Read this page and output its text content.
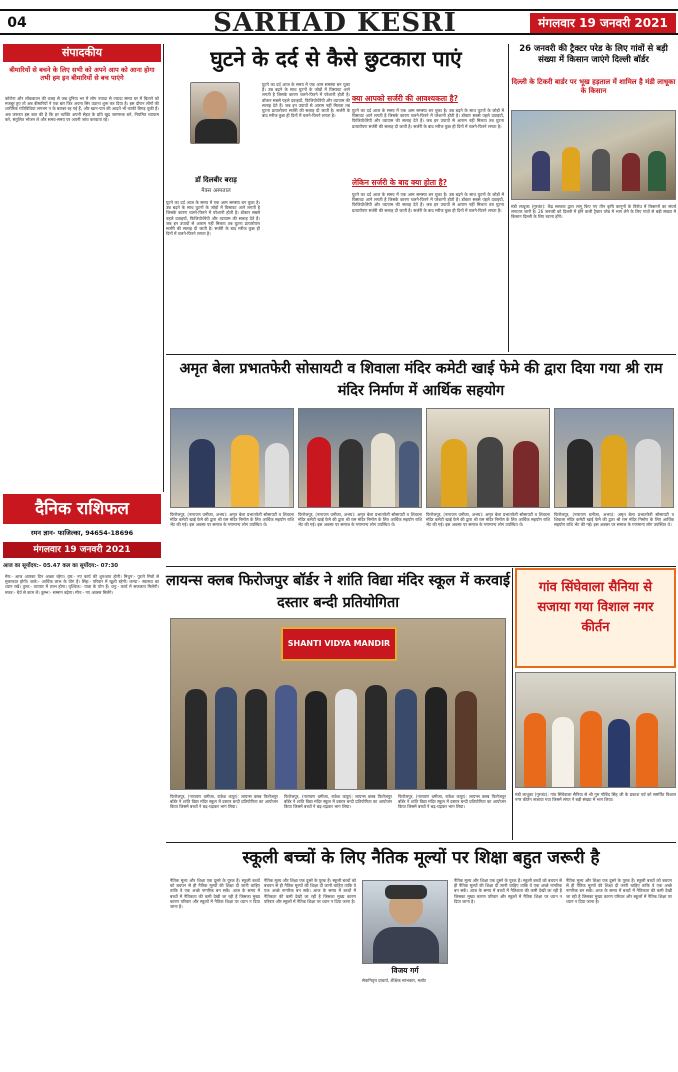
04	SARHAD KESRI	मंगलवार 19 जनवरी 2021
संपादकीय
बीमारियों से बचने के लिए सभी को अपने आप को आना होगा तभी हम इन बीमारियों से बच पाएंगे
कोरोना और लॉकडाउन की वजह से जब दुनिया भर में लोग ज्यादा से ज्यादा समय घर में बिताने को मजबूर हुए तो अब बीमारियों ने एक बार फिर अपना सिर उठाना शुरू कर दिया है। इस दौरान लोगों की शारीरिक गतिविधियां लगभग न के बराबर रह गई हैं, और खान-पान की आदतें भी काफी बिगड़ चुकी हैं। अब जरूरत इस बात की है कि हर व्यक्ति अपनी सेहत के प्रति खुद जागरूक बने, नियमित व्यायाम करे, संतुलित भोजन ले और समय-समय पर अपनी जांच करवाता रहे।
दैनिक राशिफल
रमन ज्ञान- फाजिल्का, 94654-18696
मंगलवार 19 जनवरी 2021
आज का सूर्योदय:- 05.47 कल का सूर्योदय:- 07:30
मेष:- आज आपका दिन अच्छा रहेगा। वृष:- नए कार्य की शुरुआत होगी। मिथुन:- पुराने मित्रों से मुलाकात होगी। कर्क:- आर्थिक लाभ के योग हैं। सिंह:- परिवार में खुशी रहेगी। कन्या:- स्वास्थ्य का ध्यान रखें। तुला:- व्यापार में लाभ होगा। वृश्चिक:- यात्रा के योग हैं। धनु:- कार्य में सफलता मिलेगी। मकर:- धैर्य से काम लें। कुम्भ:- सम्मान बढ़ेगा। मीन:- नए अवसर मिलेंगे।
घुटने के दर्द से कैसे छुटकारा पाएं
डॉ दिलबीर बराड़
मैक्स अस्पताल
क्या आपको सर्जरी की आवश्यकता है?
लेकिन सर्जरी के बाद क्या होता है?
घुटने का दर्द आज के समय में एक आम समस्या बन चुका है। उम्र बढ़ने के साथ घुटनों के जोड़ों में घिसावट आने लगती है जिसके कारण चलने-फिरने में परेशानी होती है। डॉक्टर सबसे पहले दवाइयों, फिजियोथेरेपी और व्यायाम की सलाह देते हैं। जब इन उपायों से आराम नहीं मिलता तब घुटना प्रत्यारोपण सर्जरी की सलाह दी जाती है। सर्जरी के बाद मरीज कुछ ही दिनों में चलने-फिरने लगता है।
घुटने का दर्द आज के समय में एक आम समस्या बन चुका है। उम्र बढ़ने के साथ घुटनों के जोड़ों में घिसावट आने लगती है जिसके कारण चलने-फिरने में परेशानी होती है। डॉक्टर सबसे पहले दवाइयों, फिजियोथेरेपी और व्यायाम की सलाह देते हैं। जब इन उपायों से आराम नहीं मिलता तब घुटना प्रत्यारोपण सर्जरी की सलाह दी जाती है। सर्जरी के बाद मरीज कुछ ही दिनों में चलने-फिरने लगता है।
घुटने का दर्द आज के समय में एक आम समस्या बन चुका है। उम्र बढ़ने के साथ घुटनों के जोड़ों में घिसावट आने लगती है जिसके कारण चलने-फिरने में परेशानी होती है। डॉक्टर सबसे पहले दवाइयों, फिजियोथेरेपी और व्यायाम की सलाह देते हैं। जब इन उपायों से आराम नहीं मिलता तब घुटना प्रत्यारोपण सर्जरी की सलाह दी जाती है। सर्जरी के बाद मरीज कुछ ही दिनों में चलने-फिरने लगता है।
घुटने का दर्द आज के समय में एक आम समस्या बन चुका है। उम्र बढ़ने के साथ घुटनों के जोड़ों में घिसावट आने लगती है जिसके कारण चलने-फिरने में परेशानी होती है। डॉक्टर सबसे पहले दवाइयों, फिजियोथेरेपी और व्यायाम की सलाह देते हैं। जब इन उपायों से आराम नहीं मिलता तब घुटना प्रत्यारोपण सर्जरी की सलाह दी जाती है। सर्जरी के बाद मरीज कुछ ही दिनों में चलने-फिरने लगता है।
26 जनवरी की ट्रैक्टर परेड के लिए गांवों से बड़ी संख्या में किसान जाएंगे दिल्ली बॉर्डर
दिल्ली के टिकरी बार्डर पर भूख हड़ताल में शामिल है मंडी लाधूका के किसान
मंडी लाधूका (गुरजंट): केंद्र सरकार द्वारा लागू किए गए तीन कृषि कानूनों के विरोध में किसानों का संघर्ष लगातार जारी है। 26 जनवरी को दिल्ली में होने वाली ट्रैक्टर परेड में भाग लेने के लिए गांवों से बड़ी संख्या में किसान दिल्ली के लिए रवाना होंगे।
अमृत बेला प्रभातफेरी सोसायटी व शिवाला मंदिर कमेटी खाई फेमे की द्वारा दिया गया श्री राम मंदिर निर्माण में आर्थिक सहयोग
फिरोजपुर, (नारायण धमीजा, अभय): अमृत बेला प्रभातफेरी सोसायटी व शिवाला मंदिर कमेटी खाई फेमे की द्वारा श्री राम मंदिर निर्माण के लिए आर्थिक सहयोग राशि भेंट की गई। इस अवसर पर समाज के गणमान्य लोग उपस्थित थे।
फिरोजपुर, (नारायण धमीजा, अभय): अमृत बेला प्रभातफेरी सोसायटी व शिवाला मंदिर कमेटी खाई फेमे की द्वारा श्री राम मंदिर निर्माण के लिए आर्थिक सहयोग राशि भेंट की गई। इस अवसर पर समाज के गणमान्य लोग उपस्थित थे।
फिरोजपुर, (नारायण धमीजा, अभय): अमृत बेला प्रभातफेरी सोसायटी व शिवाला मंदिर कमेटी खाई फेमे की द्वारा श्री राम मंदिर निर्माण के लिए आर्थिक सहयोग राशि भेंट की गई। इस अवसर पर समाज के गणमान्य लोग उपस्थित थे।
फिरोजपुर, (नारायण धमीजा, अभय): अमृत बेला प्रभातफेरी सोसायटी व शिवाला मंदिर कमेटी खाई फेमे की द्वारा श्री राम मंदिर निर्माण के लिए आर्थिक सहयोग राशि भेंट की गई। इस अवसर पर समाज के गणमान्य लोग उपस्थित थे।
लायन्स क्लब फिरोजपुर बॉर्डर ने शांति विद्या मंदिर स्कूल में करवाई दस्तार बन्दी प्रतियोगिता
SHANTI VIDYA MANDIR
फिरोजपुर, (नारायण धमीजा, राकेश कपूर): लायन्स क्लब फिरोजपुर बॉर्डर ने शांति विद्या मंदिर स्कूल में दस्तार बन्दी प्रतियोगिता का आयोजन किया जिसमें बच्चों ने बढ़-चढ़कर भाग लिया।
फिरोजपुर, (नारायण धमीजा, राकेश कपूर): लायन्स क्लब फिरोजपुर बॉर्डर ने शांति विद्या मंदिर स्कूल में दस्तार बन्दी प्रतियोगिता का आयोजन किया जिसमें बच्चों ने बढ़-चढ़कर भाग लिया।
फिरोजपुर, (नारायण धमीजा, राकेश कपूर): लायन्स क्लब फिरोजपुर बॉर्डर ने शांति विद्या मंदिर स्कूल में दस्तार बन्दी प्रतियोगिता का आयोजन किया जिसमें बच्चों ने बढ़-चढ़कर भाग लिया।
गांव सिंघेवाला सैनिया से सजाया गया विशाल नगर कीर्तन
मंडी लाधूका (गुरजंट): गांव सिंघेवाला सैनिया से श्री गुरु गोबिंद सिंह जी के प्रकाश पर्व को समर्पित विशाल नगर कीर्तन सजाया गया जिसमें संगत ने बड़ी संख्या में भाग लिया।
स्कूली बच्चों के लिए नैतिक मूल्यों पर शिक्षा बहुत जरूरी है
नैतिक मूल्य और शिक्षा एक दूसरे के पूरक हैं। स्कूली बच्चों को बचपन से ही नैतिक मूल्यों की शिक्षा दी जानी चाहिए ताकि वे एक अच्छे नागरिक बन सकें। आज के समय में बच्चों में नैतिकता की कमी देखी जा रही है जिसका मुख्य कारण परिवार और स्कूलों में नैतिक शिक्षा पर ध्यान न दिया जाना है।
नैतिक मूल्य और शिक्षा एक दूसरे के पूरक हैं। स्कूली बच्चों को बचपन से ही नैतिक मूल्यों की शिक्षा दी जानी चाहिए ताकि वे एक अच्छे नागरिक बन सकें। आज के समय में बच्चों में नैतिकता की कमी देखी जा रही है जिसका मुख्य कारण परिवार और स्कूलों में नैतिक शिक्षा पर ध्यान न दिया जाना है।
विजय गर्ग
सेवानिवृत्त प्राचार्य, शैक्षिक स्तंभकार, मलोट
नैतिक मूल्य और शिक्षा एक दूसरे के पूरक हैं। स्कूली बच्चों को बचपन से ही नैतिक मूल्यों की शिक्षा दी जानी चाहिए ताकि वे एक अच्छे नागरिक बन सकें। आज के समय में बच्चों में नैतिकता की कमी देखी जा रही है जिसका मुख्य कारण परिवार और स्कूलों में नैतिक शिक्षा पर ध्यान न दिया जाना है।
नैतिक मूल्य और शिक्षा एक दूसरे के पूरक हैं। स्कूली बच्चों को बचपन से ही नैतिक मूल्यों की शिक्षा दी जानी चाहिए ताकि वे एक अच्छे नागरिक बन सकें। आज के समय में बच्चों में नैतिकता की कमी देखी जा रही है जिसका मुख्य कारण परिवार और स्कूलों में नैतिक शिक्षा पर ध्यान न दिया जाना है।
